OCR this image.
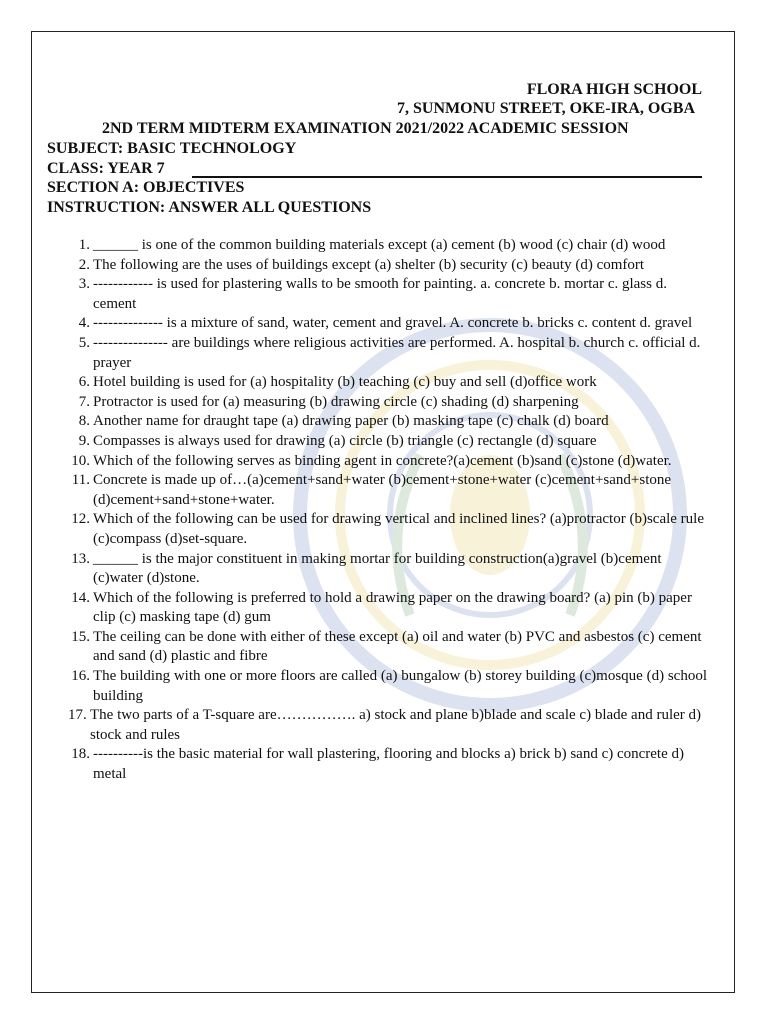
FLORA HIGH SCHOOL
7, SUNMONU STREET, OKE-IRA, OGBA
2ND TERM MIDTERM EXAMINATION 2021/2022 ACADEMIC SESSION
SUBJECT: BASIC TECHNOLOGY
CLASS: YEAR 7
SECTION A: OBJECTIVES
INSTRUCTION: ANSWER ALL QUESTIONS
1. ______ is one of the common building materials except (a) cement (b) wood (c) chair (d) wood
2. The following are the uses of buildings except (a) shelter (b) security (c) beauty (d) comfort
3. ------------ is used for plastering walls to be smooth for painting. a. concrete b. mortar c. glass d. cement
4. -------------- is a mixture of sand, water, cement and gravel. A. concrete b. bricks c. content d. gravel
5. --------------- are buildings where religious activities are performed. A. hospital b. church c. official d. prayer
6. Hotel building is used for (a) hospitality (b) teaching (c) buy and sell (d)office work
7. Protractor is used for (a) measuring (b) drawing circle (c) shading (d) sharpening
8. Another name for draught tape (a) drawing paper (b) masking tape (c) chalk (d) board
9. Compasses is always used for drawing (a) circle (b) triangle (c) rectangle (d) square
10. Which of the following serves as binding agent in concrete?(a)cement (b)sand (c)stone (d)water.
11. Concrete is made up of…(a)cement+sand+water (b)cement+stone+water (c)cement+sand+stone (d)cement+sand+stone+water.
12. Which of the following can be used for drawing vertical and inclined lines? (a)protractor (b)scale rule (c)compass (d)set-square.
13. ______ is the major constituent in making mortar for building construction(a)gravel (b)cement (c)water (d)stone.
14. Which of the following is preferred to hold a drawing paper on the drawing board? (a) pin (b) paper clip (c) masking tape (d) gum
15. The ceiling can be done with either of these except (a) oil and water (b) PVC and asbestos (c) cement and sand (d) plastic and fibre
16. The building with one or more floors are called (a) bungalow (b) storey building (c)mosque (d) school building
17. The two parts of a T-square are……………. a) stock and plane b)blade and scale c) blade and ruler d) stock and rules
18. ----------is the basic material for wall plastering, flooring and blocks a) brick b) sand c) concrete d) metal
